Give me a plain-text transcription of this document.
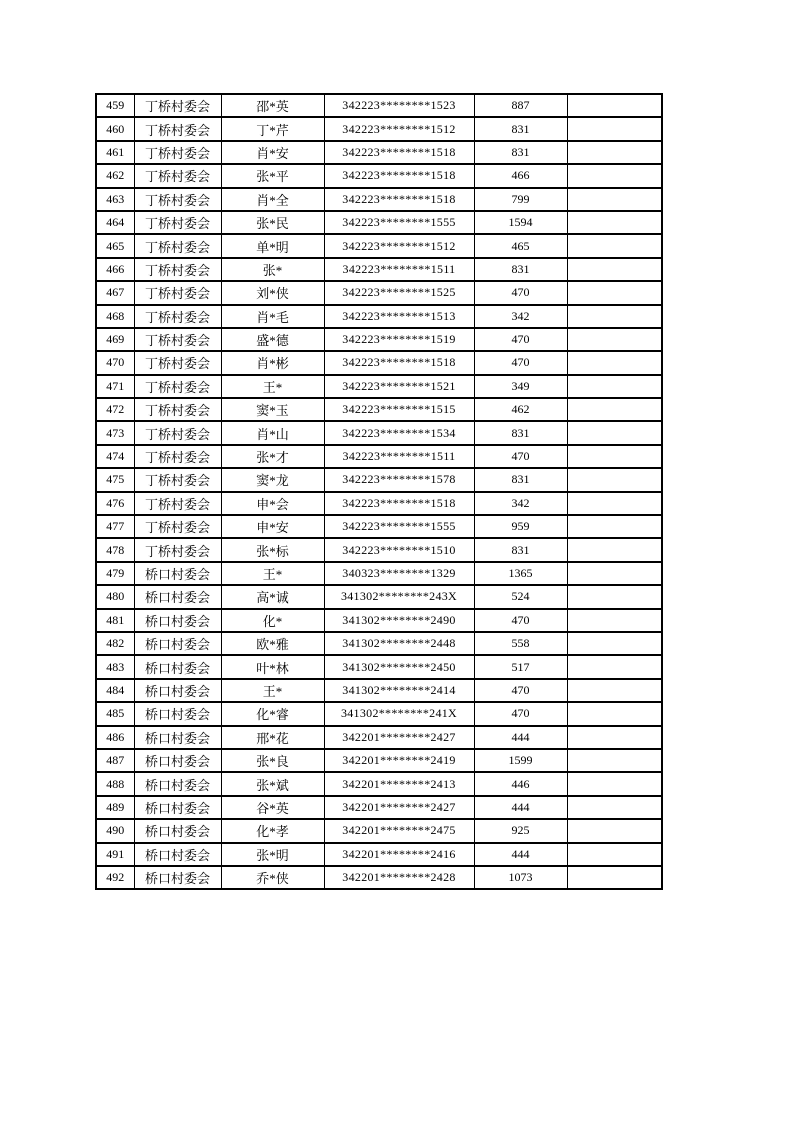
459	丁桥村委会	邵*英	342223********1523	887	
460	丁桥村委会	丁*芹	342223********1512	831	
461	丁桥村委会	肖*安	342223********1518	831	
462	丁桥村委会	张*平	342223********1518	466	
463	丁桥村委会	肖*全	342223********1518	799	
464	丁桥村委会	张*民	342223********1555	1594	
465	丁桥村委会	单*明	342223********1512	465	
466	丁桥村委会	张*	342223********1511	831	
467	丁桥村委会	刘*侠	342223********1525	470	
468	丁桥村委会	肖*毛	342223********1513	342	
469	丁桥村委会	盛*德	342223********1519	470	
470	丁桥村委会	肖*彬	342223********1518	470	
471	丁桥村委会	王*	342223********1521	349	
472	丁桥村委会	窦*玉	342223********1515	462	
473	丁桥村委会	肖*山	342223********1534	831	
474	丁桥村委会	张*才	342223********1511	470	
475	丁桥村委会	窦*龙	342223********1578	831	
476	丁桥村委会	申*会	342223********1518	342	
477	丁桥村委会	申*安	342223********1555	959	
478	丁桥村委会	张*标	342223********1510	831	
479	桥口村委会	王*	340323********1329	1365	
480	桥口村委会	高*诚	341302********243X	524	
481	桥口村委会	化*	341302********2490	470	
482	桥口村委会	欧*雅	341302********2448	558	
483	桥口村委会	叶*林	341302********2450	517	
484	桥口村委会	王*	341302********2414	470	
485	桥口村委会	化*睿	341302********241X	470	
486	桥口村委会	邢*花	342201********2427	444	
487	桥口村委会	张*良	342201********2419	1599	
488	桥口村委会	张*斌	342201********2413	446	
489	桥口村委会	谷*英	342201********2427	444	
490	桥口村委会	化*孝	342201********2475	925	
491	桥口村委会	张*明	342201********2416	444	
492	桥口村委会	乔*侠	342201********2428	1073	
